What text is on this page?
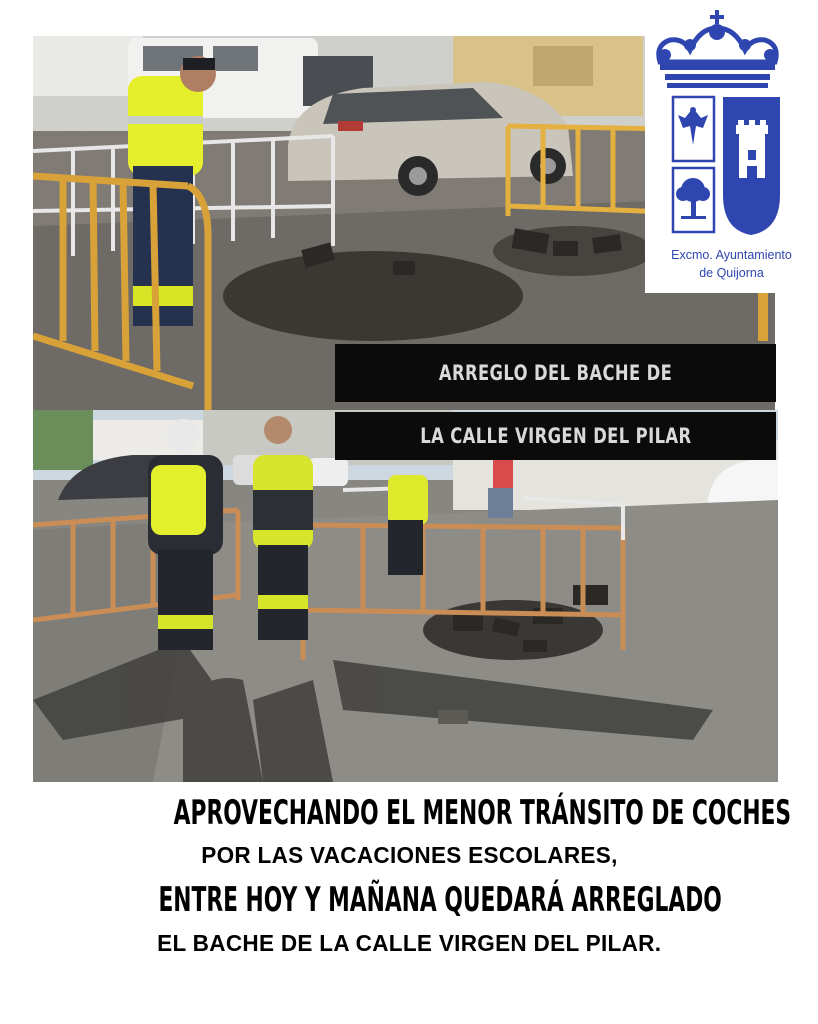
ARREGLO DEL BACHE DE
LA CALLE VIRGEN DEL PILAR
Excmo. Ayuntamiento
de Quijorna
APROVECHANDO EL MENOR TRÁNSITO DE COCHES
POR LAS VACACIONES ESCOLARES,
ENTRE HOY Y MAÑANA QUEDARÁ ARREGLADO
EL BACHE DE LA CALLE VIRGEN DEL PILAR.
